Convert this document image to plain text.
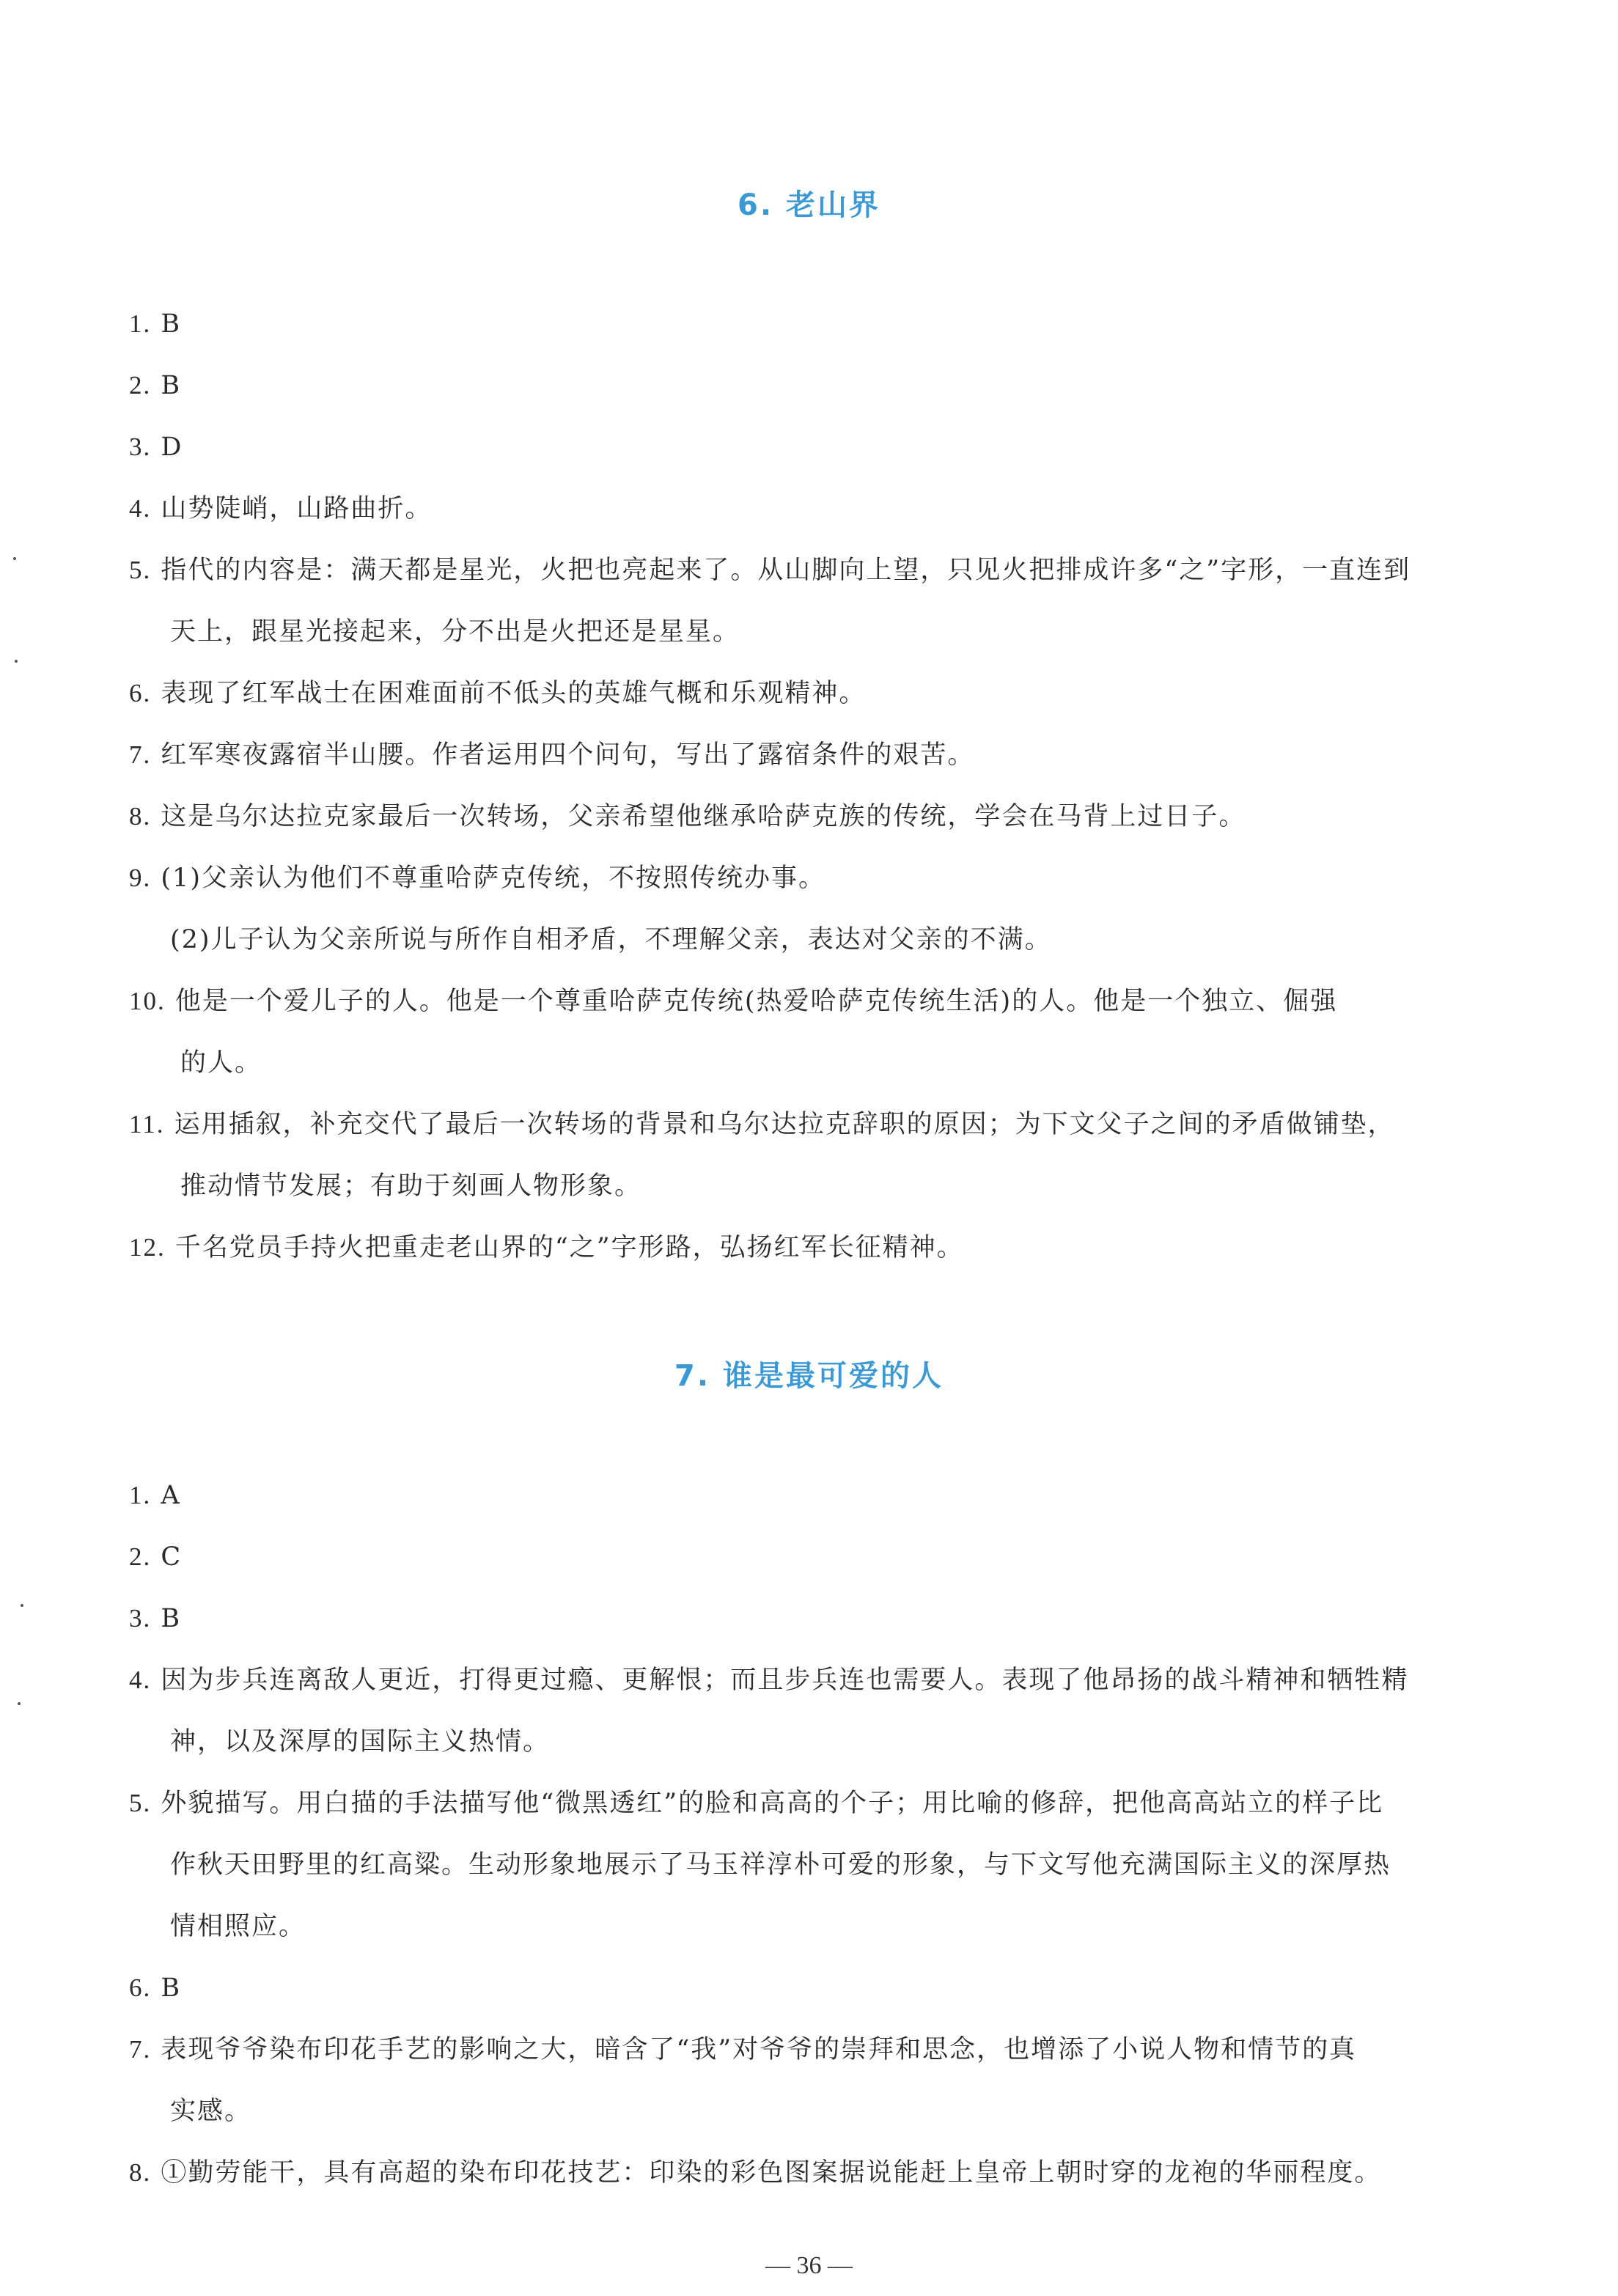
6. 老山界
1. B
2. B
3. D
4. 山势陡峭，山路曲折。
5. 指代的内容是：满天都是星光，火把也亮起来了。从山脚向上望，只见火把排成许多“之”字形，一直连到
天上，跟星光接起来，分不出是火把还是星星。
6. 表现了红军战士在困难面前不低头的英雄气概和乐观精神。
7. 红军寒夜露宿半山腰。作者运用四个问句，写出了露宿条件的艰苦。
8. 这是乌尔达拉克家最后一次转场，父亲希望他继承哈萨克族的传统，学会在马背上过日子。
9. (1)父亲认为他们不尊重哈萨克传统，不按照传统办事。
(2)儿子认为父亲所说与所作自相矛盾，不理解父亲，表达对父亲的不满。
10. 他是一个爱儿子的人。他是一个尊重哈萨克传统(热爱哈萨克传统生活)的人。他是一个独立、倔强
的人。
11. 运用插叙，补充交代了最后一次转场的背景和乌尔达拉克辞职的原因；为下文父子之间的矛盾做铺垫，
推动情节发展；有助于刻画人物形象。
12. 千名党员手持火把重走老山界的“之”字形路，弘扬红军长征精神。
7. 谁是最可爱的人
1. A
2. C
3. B
4. 因为步兵连离敌人更近，打得更过瘾、更解恨；而且步兵连也需要人。表现了他昂扬的战斗精神和牺牲精
神，以及深厚的国际主义热情。
5. 外貌描写。用白描的手法描写他“微黑透红”的脸和高高的个子；用比喻的修辞，把他高高站立的样子比
作秋天田野里的红高粱。生动形象地展示了马玉祥淳朴可爱的形象，与下文写他充满国际主义的深厚热
情相照应。
6. B
7. 表现爷爷染布印花手艺的影响之大，暗含了“我”对爷爷的崇拜和思念，也增添了小说人物和情节的真
实感。
8. ①勤劳能干，具有高超的染布印花技艺：印染的彩色图案据说能赶上皇帝上朝时穿的龙袍的华丽程度。
— 36 —
